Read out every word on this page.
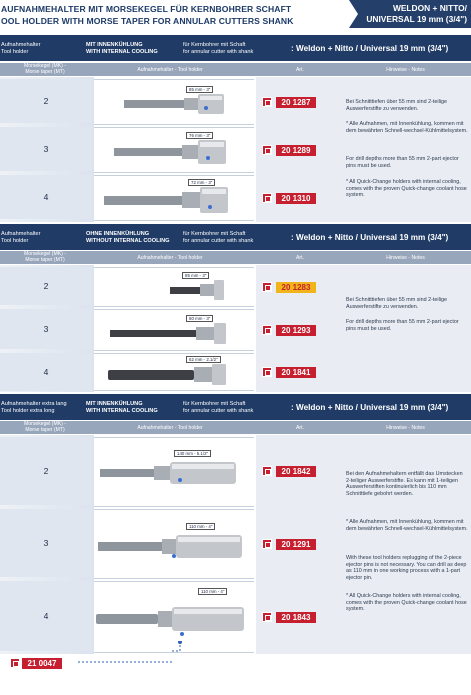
AUFNAHMEHALTER MIT MORSEKEGEL FÜR KERNBOHRER SCHAFT
OOL HOLDER WITH MORSE TAPER FOR ANNULAR CUTTERS SHANK
WELDON + NITTO/
UNIVERSAL 19 mm (3/4")
Aufnahmehalter
Tool holder
MIT INNENKÜHLUNG
WITH INTERNAL COOLING
für Kernbohrer mit Schaft
for annular cutter with shank	: Weldon + Nitto / Universal 19 mm (3/4")
Morsekegel (MK) -
Morse taper (MT)	Aufnahmehalter - Tool holder	Art.	Hinweise - Notes
2
85 mm - 3"
20 1287
3
76 mm - 3"
20 1289
4
72 mm - 3"
20 1310
Bei Schnitttiefen über 55 mm sind 2-teilige Auswerferstifte zu verwenden.
* Alle Aufnahmen, mit Innenkühlung, kommen mit dem bewährten Schnell-wechsel-Kühlmittelsystem.
For drill depths more than 55 mm 2-part ejector pins must be used.
* All Quick-Change holders with internal cooling, comes with the proven Quick-change coolant hose system.
Aufnahmehalter
Tool holder
OHNE INNENKÜHLUNG
WITHOUT INTERNAL COOLING
für Kernbohrer mit Schaft
for annular cutter with shank	: Weldon + Nitto / Universal 19 mm (3/4")
Morsekegel (MK) -
Morse taper (MT)	Aufnahmehalter - Tool holder	Art.	Hinweise - Notes
2
85 mm - 3"
20 1283
3
80 mm - 3"
20 1293
4
62 mm - 2.1/2"
20 1841
Bei Schnitttiefen über 55 mm sind 2-teilige Auswerferstifte zu verwenden.
For drill depths more than 55 mm 2-part ejector pins must be used.
Aufnahmehalter extra lang
Tool holder extra long
MIT INNENKÜHLUNG
WITH INTERNAL COOLING
für Kernbohrer mit Schaft
for annular cutter with shank	: Weldon + Nitto / Universal 19 mm (3/4")
Morsekegel (MK) -
Morse taper (MT)	Aufnahmehalter - Tool holder	Art.	Hinweise - Notes
2
140 mm - 5.1/2"
20 1842
3
110 mm - 4"
20 1291
4
110 mm - 4"
20 1843
Bei den Aufnahmehaltern entfällt das Umstecken 2-teiliger Auswerferstifte. Es kann mit 1-teiligen Auswerferstiften kontinuierlich bis 110 mm Schnitttiefe gebohrt werden.
* Alle Aufnahmen, mit Innenkühlung, kommen mit dem bewährten Schnell-wechsel-Kühlmittelsystem.
With these tool holders replugging of the 2-piece ejector pins is not necessary. You can drill as deep as 110 mm in one working process with a 1-part ejector pin.
* All Quick-Change holders with internal cooling, comes with the proven Quick-change coolant hose system.
21 0047
